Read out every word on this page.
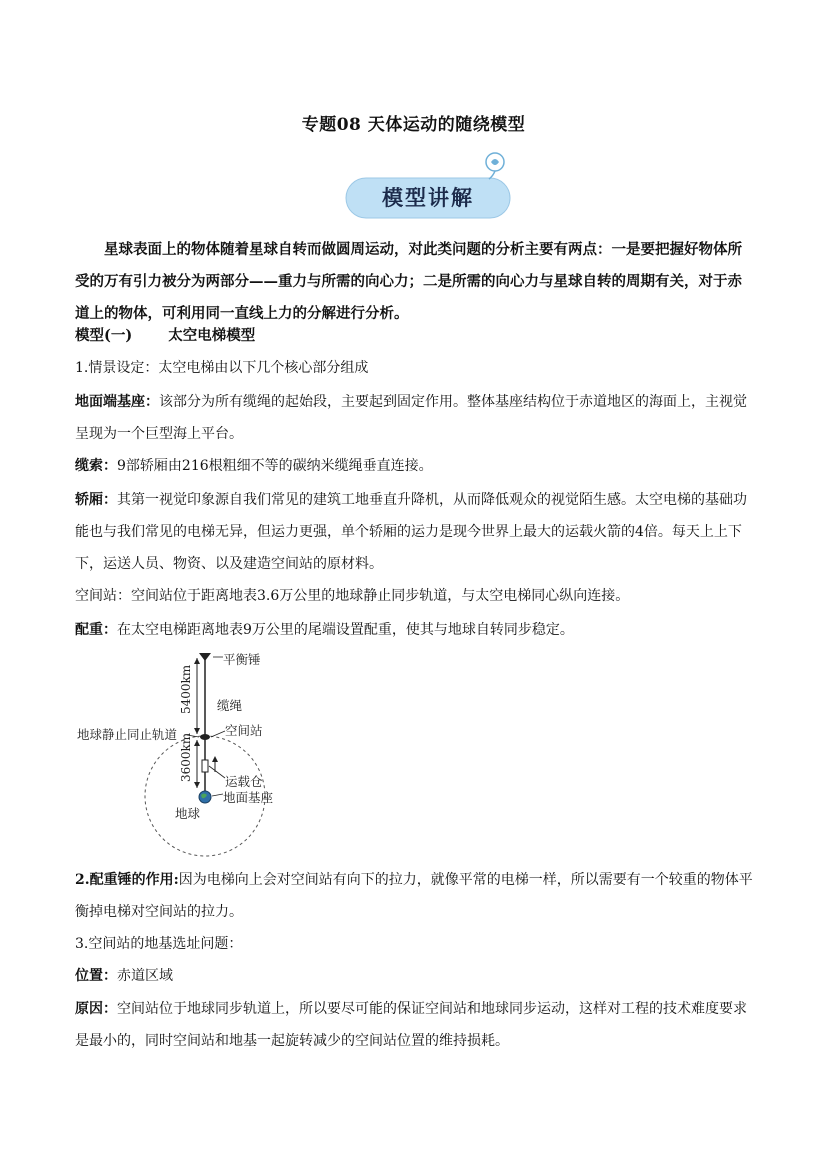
专题08 天体运动的随绕模型
模型讲解
星球表面上的物体随着星球自转而做圆周运动，对此类问题的分析主要有两点：一是要把握好物体所受的万有引力被分为两部分——重力与所需的向心力；二是所需的向心力与星球自转的周期有关，对于赤道上的物体，可利用同一直线上力的分解进行分析。
模型(一) 太空电梯模型
1.情景设定：太空电梯由以下几个核心部分组成
地面端基座：该部分为所有缆绳的起始段，主要起到固定作用。整体基座结构位于赤道地区的海面上，主视觉呈现为一个巨型海上平台。
缆索：9部轿厢由216根粗细不等的碳纳米缆绳垂直连接。
轿厢：其第一视觉印象源自我们常见的建筑工地垂直升降机，从而降低观众的视觉陌生感。太空电梯的基础功能也与我们常见的电梯无异，但运力更强，单个轿厢的运力是现今世界上最大的运载火箭的4倍。每天上上下下，运送人员、物资、以及建造空间站的原材料。
空间站：空间站位于距离地表3.6万公里的地球静止同步轨道，与太空电梯同心纵向连接。
配重：在太空电梯距离地表9万公里的尾端设置配重，使其与地球自转同步稳定。
平衡锤
缆绳
空间站
地球静止同止轨道
运载仓
地面基座
地球
5400km
3600km
2.配重锤的作用:因为电梯向上会对空间站有向下的拉力，就像平常的电梯一样，所以需要有一个较重的物体平衡掉电梯对空间站的拉力。
3.空间站的地基选址问题：
位置：赤道区域
原因：空间站位于地球同步轨道上，所以要尽可能的保证空间站和地球同步运动，这样对工程的技术难度要求是最小的，同时空间站和地基一起旋转减少的空间站位置的维持损耗。
